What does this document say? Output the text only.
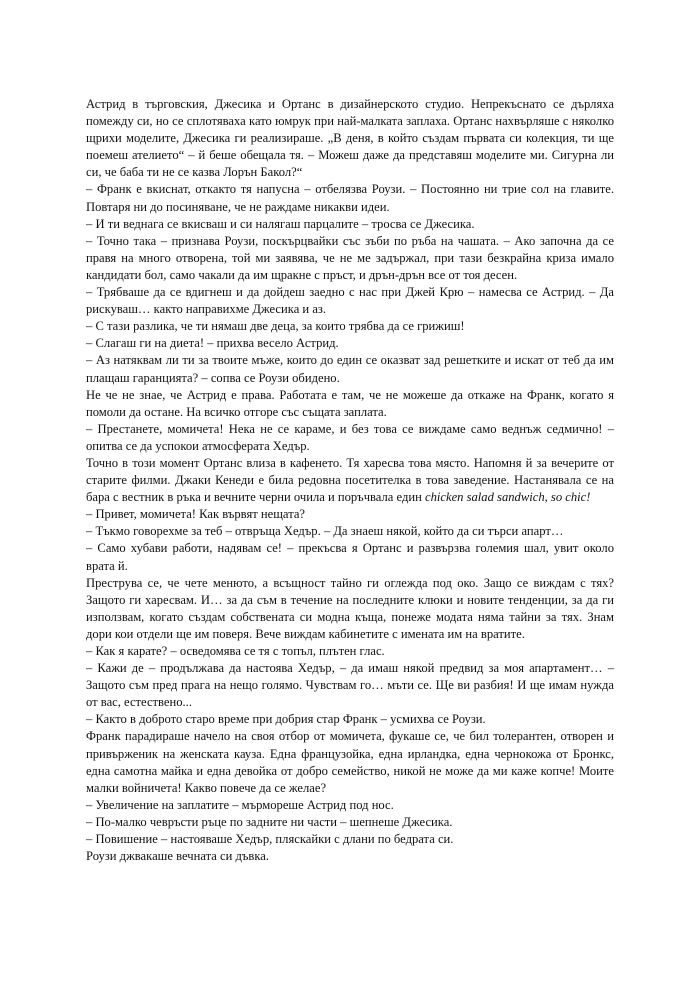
Астрид в търговския, Джесика и Ортанс в дизайнерското студио. Непрекъснато се дърляха помежду си, но се сплотяваха като юмрук при най-малката заплаха. Ортанс нахвърляше с няколко щрихи моделите, Джесика ги реализираше. „В деня, в който създам първата си колекция, ти ще поемеш ателието“ – й беше обещала тя. – Можеш даже да представяш моделите ми. Сигурна ли си, че баба ти не се казва Лорън Бакол?“

– Франк е вкиснат, откакто тя напусна – отбелязва Роузи. – Постоянно ни трие сол на главите. Повтаря ни до посиняване, че не раждаме никакви идеи.

– И ти веднага се вкисваш и си налягаш парцалите – тросва се Джесика.

– Точно така – признава Роузи, поскърцвайки със зъби по ръба на чашата. – Ако започна да се правя на много отворена, той ми заявява, че не ме задържал, при тази безкрайна криза имало кандидати бол, само чакали да им щракне с пръст, и дрън-дрън все от тоя десен.

– Трябваше да се вдигнеш и да дойдеш заедно с нас при Джей Крю – намесва се Астрид. – Да рискуваш… както направихме Джесика и аз.

– С тази разлика, че ти нямаш две деца, за които трябва да се грижиш!

– Слагаш ги на диета! – прихва весело Астрид.

– Аз натяквам ли ти за твоите мъже, които до един се оказват зад решетките и искат от теб да им плащаш гаранцията? – сопва се Роузи обидено.

Не че не знае, че Астрид е права. Работата е там, че не можеше да откаже на Франк, когато я помоли да остане. На всичко отгоре със същата заплата.

– Престанете, момичета! Нека не се караме, и без това се виждаме само веднъж седмично! – опитва се да успокои атмосферата Хедър.

Точно в този момент Ортанс влиза в кафенето. Тя харесва това място. Напомня й за вечерите от старите филми. Джаки Кенеди е била редовна посетителка в това заведение. Настанявала се на бара с вестник в ръка и вечните черни очила и поръчвала един chicken salad sandwich, so chic!

– Привет, момичета! Как вървят нещата?

– Тъкмо говорехме за теб – отвръща Хедър. – Да знаеш някой, който да си търси апарт…

– Само хубави работи, надявам се! – прекъсва я Ортанс и развързва големия шал, увит около врата й.

Преструва се, че чете менюто, а всъщност тайно ги оглежда под око. Защо се виждам с тях? Защото ги харесвам. И… за да съм в течение на последните клюки и новите тенденции, за да ги използвам, когато създам собствената си модна къща, понеже модата няма тайни за тях. Знам дори кои отдели ще им поверя. Вече виждам кабинетите с имената им на вратите.

– Как я карате? – осведомява се тя с топъл, плътен глас.

– Кажи де – продължава да настоява Хедър, – да имаш някой предвид за моя апартамент… – Защото съм пред прага на нещо голямо. Чувствам го… мъти се. Ще ви разбия! И ще имам нужда от вас, естествено...

– Както в доброто старо време при добрия стар Франк – усмихва се Роузи.

Франк парадираше начело на своя отбор от момичета, фукаше се, че бил толерантен, отворен и привърженик на женската кауза. Една французойка, една ирландка, една чернокожа от Бронкс, една самотна майка и една девойка от добро семейство, никой не може да ми каже копче! Моите малки войничета! Какво повече да се желае?

– Увеличение на заплатите – мърмореше Астрид под нос.

– По-малко чевръсти ръце по задните ни части – шепнеше Джесика.

– Повишение – настояваше Хедър, пляскайки с длани по бедрата си.

Роузи джвакаше вечната си дъвка.
